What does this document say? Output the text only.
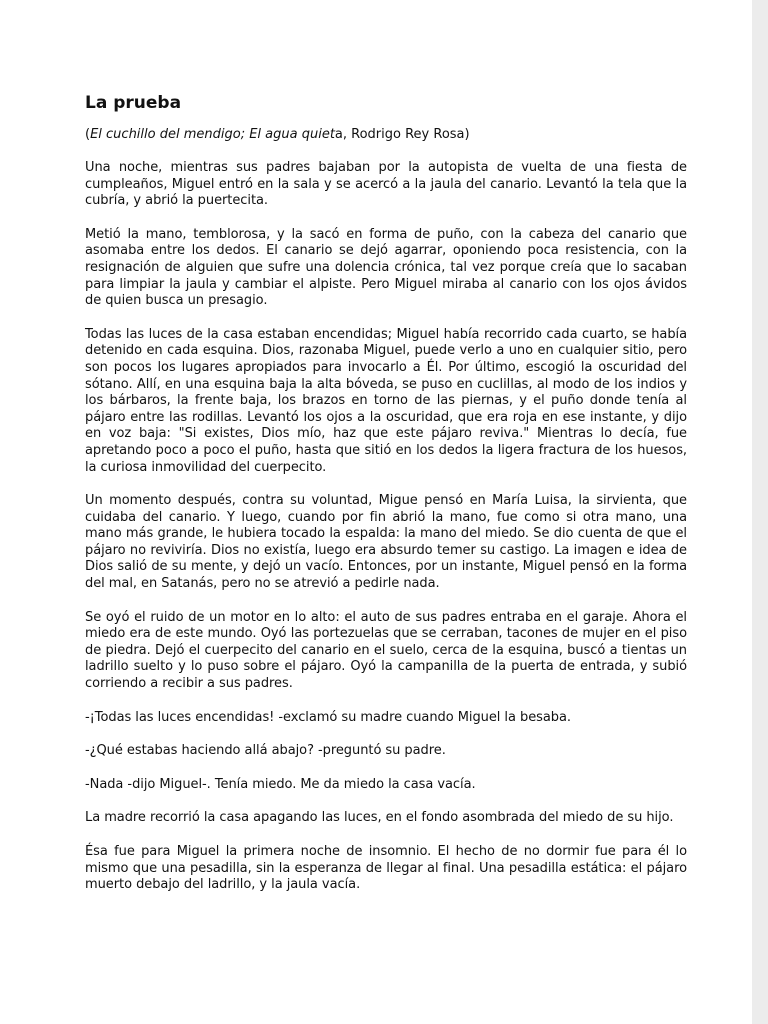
La prueba

(El cuchillo del mendigo; El agua quieta, Rodrigo Rey Rosa)

Una noche, mientras sus padres bajaban por la autopista de vuelta de una fiesta de cumpleaños, Miguel entró en la sala y se acercó a la jaula del canario. Levantó la tela que la cubría, y abrió la puertecita.

Metió la mano, temblorosa, y la sacó en forma de puño, con la cabeza del canario que asomaba entre los dedos. El canario se dejó agarrar, oponiendo poca resistencia, con la resignación de alguien que sufre una dolencia crónica, tal vez porque creía que lo sacaban para limpiar la jaula y cambiar el alpiste. Pero Miguel miraba al canario con los ojos ávidos de quien busca un presagio.

Todas las luces de la casa estaban encendidas; Miguel había recorrido cada cuarto, se había detenido en cada esquina. Dios, razonaba Miguel, puede verlo a uno en cualquier sitio, pero son pocos los lugares apropiados para invocarlo a Él. Por último, escogió la oscuridad del sótano. Allí, en una esquina baja la alta bóveda, se puso en cuclillas, al modo de los indios y los bárbaros, la frente baja, los brazos en torno de las piernas, y el puño donde tenía al pájaro entre las rodillas. Levantó los ojos a la oscuridad, que era roja en ese instante, y dijo en voz baja: "Si existes, Dios mío, haz que este pájaro reviva." Mientras lo decía, fue apretando poco a poco el puño, hasta que sitió en los dedos la ligera fractura de los huesos, la curiosa inmovilidad del cuerpecito.

Un momento después, contra su voluntad, Migue pensó en María Luisa, la sirvienta, que cuidaba del canario. Y luego, cuando por fin abrió la mano, fue como si otra mano, una mano más grande, le hubiera tocado la espalda: la mano del miedo. Se dio cuenta de que el pájaro no reviviría. Dios no existía, luego era absurdo temer su castigo. La imagen e idea de Dios salió de su mente, y dejó un vacío. Entonces, por un instante, Miguel pensó en la forma del mal, en Satanás, pero no se atrevió a pedirle nada.

Se oyó el ruido de un motor en lo alto: el auto de sus padres entraba en el garaje. Ahora el miedo era de este mundo. Oyó las portezuelas que se cerraban, tacones de mujer en el piso de piedra. Dejó el cuerpecito del canario en el suelo, cerca de la esquina, buscó a tientas un ladrillo suelto y lo puso sobre el pájaro. Oyó la campanilla de la puerta de entrada, y subió corriendo a recibir a sus padres.

-¡Todas las luces encendidas! -exclamó su madre cuando Miguel la besaba.

-¿Qué estabas haciendo allá abajo? -preguntó su padre.

-Nada -dijo Miguel-. Tenía miedo. Me da miedo la casa vacía.

La madre recorrió la casa apagando las luces, en el fondo asombrada del miedo de su hijo.

Ésa fue para Miguel la primera noche de insomnio. El hecho de no dormir fue para él lo mismo que una pesadilla, sin la esperanza de llegar al final. Una pesadilla estática: el pájaro muerto debajo del ladrillo, y la jaula vacía.
